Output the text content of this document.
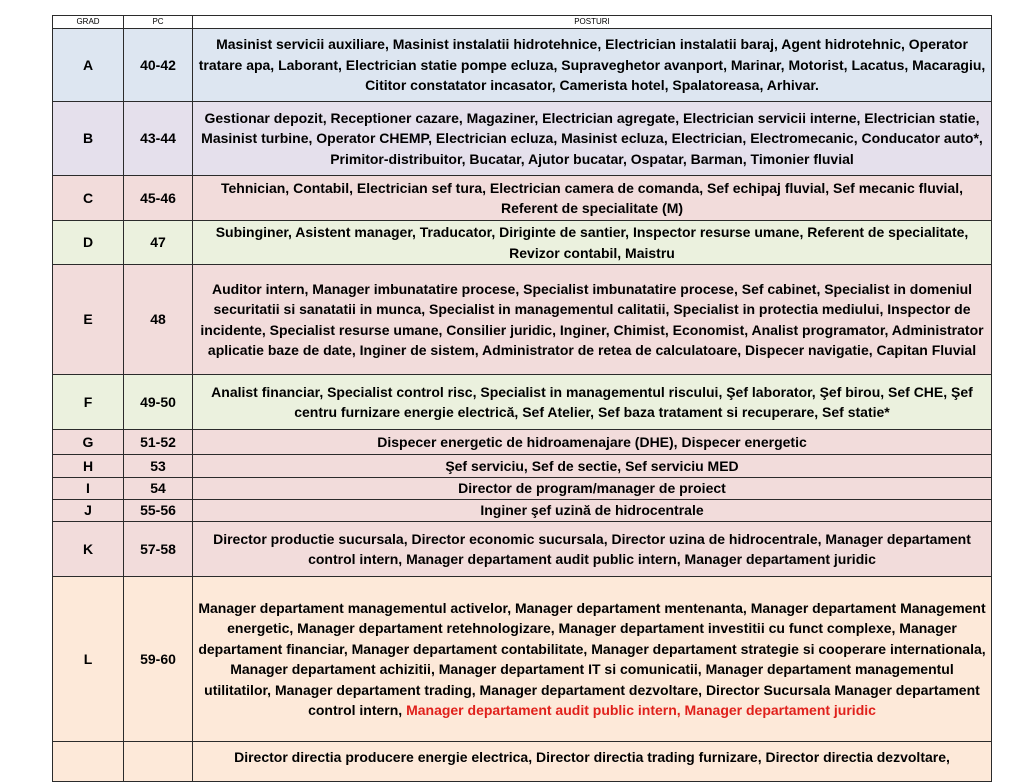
GRAD	PC	POSTURI
A	40-42	Masinist servicii auxiliare, Masinist instalatii hidrotehnice, Electrician instalatii baraj, Agent hidrotehnic, Operator tratare apa, Laborant, Electrician statie pompe ecluza, Supraveghetor avanport, Marinar, Motorist, Lacatus, Macaragiu, Cititor constatator incasator, Camerista hotel, Spalatoreasa, Arhivar.
B	43-44	Gestionar depozit, Receptioner cazare, Magaziner, Electrician agregate, Electrician servicii interne, Electrician statie, Masinist turbine, Operator CHEMP, Electrician ecluza, Masinist ecluza, Electrician, Electromecanic, Conducator auto*, Primitor-distribuitor, Bucatar, Ajutor bucatar, Ospatar, Barman, Timonier fluvial
C	45-46	Tehnician, Contabil, Electrician sef tura, Electrician camera de comanda, Sef echipaj fluvial, Sef mecanic fluvial, Referent de specialitate (M)
D	47	Subinginer, Asistent manager, Traducator, Diriginte de santier, Inspector resurse umane, Referent de specialitate, Revizor contabil, Maistru
E	48	Auditor intern, Manager imbunatatire procese, Specialist imbunatatire procese, Sef cabinet, Specialist in domeniul securitatii si sanatatii in munca, Specialist in managementul calitatii, Specialist in protectia mediului, Inspector de incidente, Specialist resurse umane, Consilier juridic, Inginer, Chimist, Economist, Analist programator, Administrator aplicatie baze de date, Inginer de sistem, Administrator de retea de calculatoare, Dispecer navigatie, Capitan Fluvial
F	49-50	Analist financiar, Specialist control risc, Specialist in managementul riscului, Şef laborator, Şef birou, Sef CHE, Şef centru furnizare energie electrică, Sef Atelier, Sef baza tratament si recuperare, Sef statie*
G	51-52	Dispecer energetic de hidroamenajare (DHE), Dispecer energetic
H	53	Şef serviciu, Sef de sectie, Sef serviciu MED
I	54	Director de program/manager de proiect
J	55-56	Inginer şef uzină de hidrocentrale
K	57-58	Director productie sucursala, Director economic sucursala, Director uzina de hidrocentrale, Manager departament control intern, Manager departament audit public intern, Manager departament juridic
L	59-60	Manager departament managementul activelor, Manager departament mentenanta, Manager departament Management energetic, Manager departament retehnologizare, Manager departament investitii cu funct complexe, Manager departament financiar, Manager departament contabilitate, Manager departament strategie si cooperare internationala, Manager departament achizitii, Manager departament IT si comunicatii, Manager departament managementul utilitatilor, Manager departament trading, Manager departament dezvoltare, Director Sucursala Manager departament control intern, Manager departament audit public intern, Manager departament juridic
		Director directia producere energie electrica, Director directia trading furnizare, Director directia dezvoltare,
